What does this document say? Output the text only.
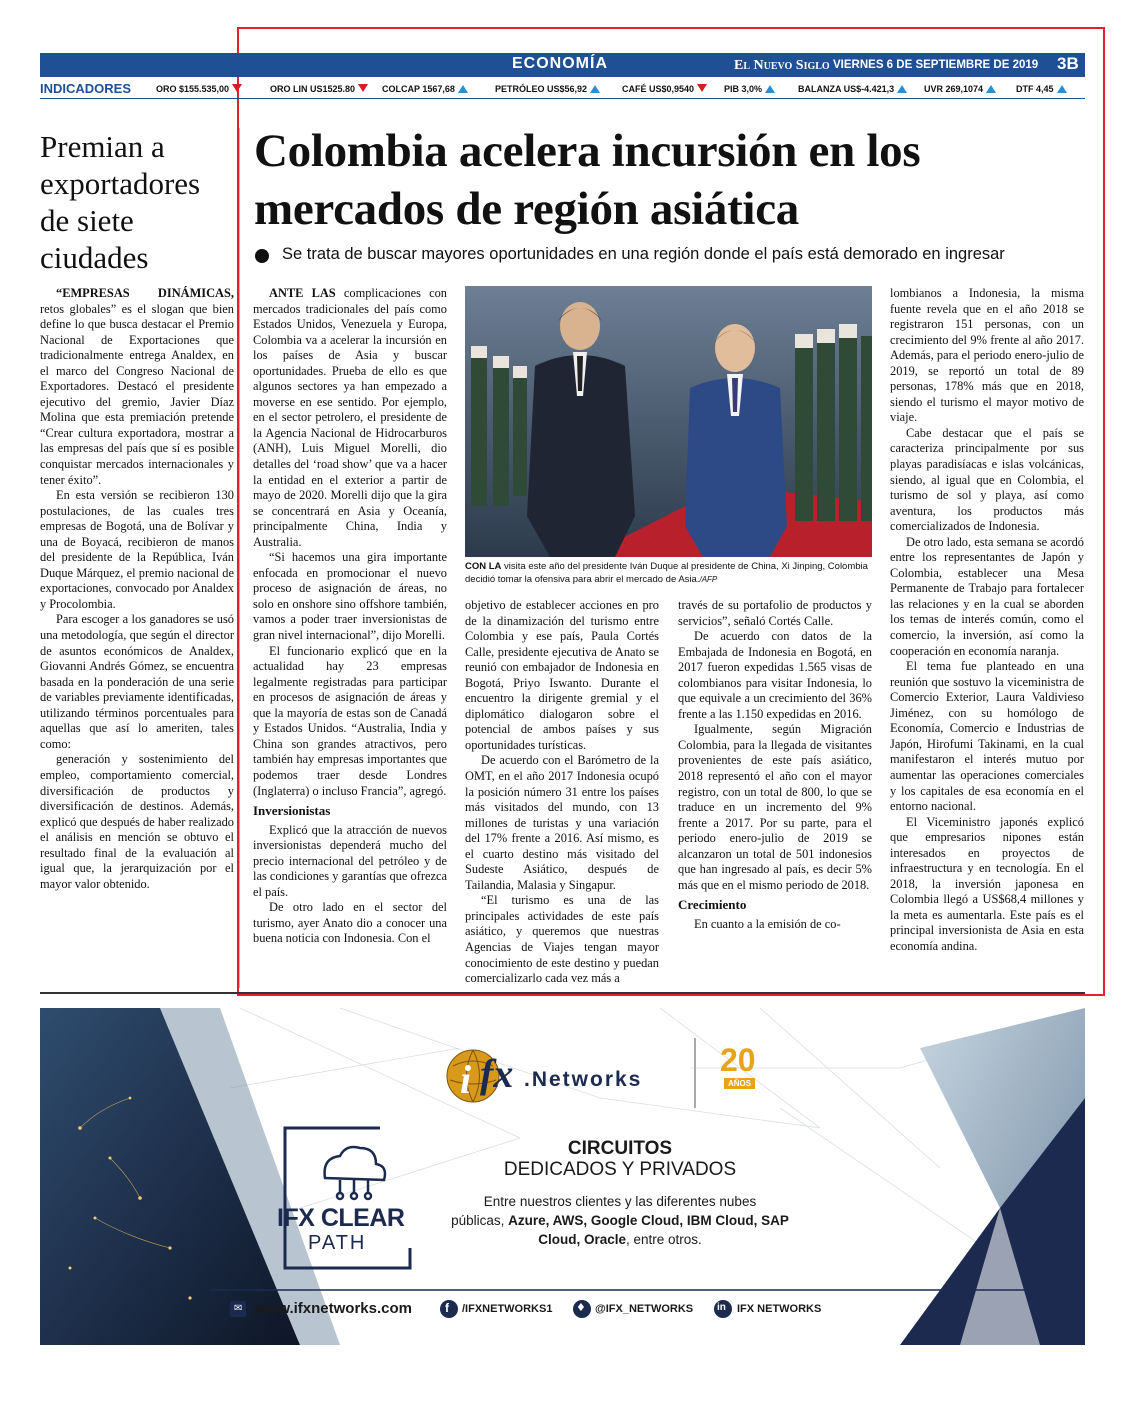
ECONOMÍA	El Nuevo Siglo VIERNES 6 DE SEPTIEMBRE DE 2019 3B
INDICADORES	ORO $155.535,00	ORO LIN US1525.80	COLCAP 1567,68	PETRÓLEO US$56,92	CAFÉ US$0,9540	PIB 3,0%	BALANZA US$-4.421,3	UVR 269,1074	DTF 4,45
Premian a exportadores de siete ciudades

“EMPRESAS DINÁMICAS, retos globales” es el slogan que bien define lo que busca destacar el Premio Nacional de Exportaciones que tradicionalmente entrega Analdex, en el marco del Congreso Nacional de Exportadores. Destacó el presidente ejecutivo del gremio, Javier Díaz Molina que esta premiación pretende “Crear cultura exportadora, mostrar a las empresas del país que sí es posible conquistar mercados internacionales y tener éxito”.

En esta versión se recibieron 130 postulaciones, de las cuales tres empresas de Bogotá, una de Bolívar y una de Boyacá, recibieron de manos del presidente de la República, Iván Duque Márquez, el premio nacional de exportaciones, convocado por Analdex y Procolombia.

Para escoger a los ganadores se usó una metodología, que según el director de asuntos económicos de Analdex, Giovanni Andrés Gómez, se encuentra basada en la ponderación de una serie de variables previamente identificadas, utilizando términos porcentuales para aquellas que así lo ameriten, tales como:

generación y sostenimiento del empleo, comportamiento comercial, diversificación de productos y diversificación de destinos. Además, explicó que después de haber realizado el análisis en mención se obtuvo el resultado final de la evaluación al igual que, la jerarquización por el mayor valor obtenido.

Colombia acelera incursión en los mercados de región asiática
Se trata de buscar mayores oportunidades en una región donde el país está demorado en ingresar

ANTE LAS complicaciones con mercados tradicionales del país como Estados Unidos, Venezuela y Europa, Colombia va a acelerar la incursión en los países de Asia y buscar oportunidades. Prueba de ello es que algunos sectores ya han empezado a moverse en ese sentido. Por ejemplo, en el sector petrolero, el presidente de la Agencia Nacional de Hidrocarburos (ANH), Luis Miguel Morelli, dio detalles del ‘road show’ que va a hacer la entidad en el exterior a partir de mayo de 2020. Morelli dijo que la gira se concentrará en Asia y Oceanía, principalmente China, India y Australia.

“Si hacemos una gira importante enfocada en promocionar el nuevo proceso de asignación de áreas, no solo en onshore sino offshore también, vamos a poder traer inversionistas de gran nivel internacional”, dijo Morelli.

El funcionario explicó que en la actualidad hay 23 empresas legalmente registradas para participar en procesos de asignación de áreas y que la mayoría de estas son de Canadá y Estados Unidos. “Australia, India y China son grandes atractivos, pero también hay empresas importantes que podemos traer desde Londres (Inglaterra) o incluso Francia”, agregó.

Inversionistas

Explicó que la atracción de nuevos inversionistas dependerá mucho del precio internacional del petróleo y de las condiciones y garantías que ofrezca el país.

De otro lado en el sector del turismo, ayer Anato dio a conocer una buena noticia con Indonesia. Con el

CON LA visita este año del presidente Iván Duque al presidente de China, Xi Jinping, Colombia decidió tomar la ofensiva para abrir el mercado de Asia./AFP

objetivo de establecer acciones en pro de la dinamización del turismo entre Colombia y ese país, Paula Cortés Calle, presidente ejecutiva de Anato se reunió con embajador de Indonesia en Bogotá, Priyo Iswanto. Durante el encuentro la dirigente gremial y el diplomático dialogaron sobre el potencial de ambos países y sus oportunidades turísticas.

De acuerdo con el Barómetro de la OMT, en el año 2017 Indonesia ocupó la posición número 31 entre los países más visitados del mundo, con 13 millones de turistas y una variación del 17% frente a 2016. Así mismo, es el cuarto destino más visitado del Sudeste Asiático, después de Tailandia, Malasia y Singapur.

“El turismo es una de las principales actividades de este país asiático, y queremos que nuestras Agencias de Viajes tengan mayor conocimiento de este destino y puedan comercializarlo cada vez más a

través de su portafolio de productos y servicios”, señaló Cortés Calle.

De acuerdo con datos de la Embajada de Indonesia en Bogotá, en 2017 fueron expedidas 1.565 visas de colombianos para visitar Indonesia, lo que equivale a un crecimiento del 36% frente a las 1.150 expedidas en 2016.

Igualmente, según Migración Colombia, para la llegada de visitantes provenientes de este país asiático, 2018 representó el año con el mayor registro, con un total de 800, lo que se traduce en un incremento del 9% frente a 2017. Por su parte, para el periodo enero-julio de 2019 se alcanzaron un total de 501 indonesios que han ingresado al país, es decir 5% más que en el mismo periodo de 2018.

Crecimiento

En cuanto a la emisión de co-

lombianos a Indonesia, la misma fuente revela que en el año 2018 se registraron 151 personas, con un crecimiento del 9% frente al año 2017. Además, para el periodo enero-julio de 2019, se reportó un total de 89 personas, 178% más que en 2018, siendo el turismo el mayor motivo de viaje.

Cabe destacar que el país se caracteriza principalmente por sus playas paradisíacas e islas volcánicas, siendo, al igual que en Colombia, el turismo de sol y playa, así como aventura, los productos más comercializados de Indonesia.

De otro lado, esta semana se acordó entre los representantes de Japón y Colombia, establecer una Mesa Permanente de Trabajo para fortalecer las relaciones y en la cual se aborden los temas de interés común, como el comercio, la inversión, así como la cooperación en economía naranja.

El tema fue planteado en una reunión que sostuvo la viceministra de Comercio Exterior, Laura Valdivieso Jiménez, con su homólogo de Economía, Comercio e Industrias de Japón, Hirofumi Takinami, en la cual manifestaron el interés mutuo por aumentar las operaciones comerciales y los capitales de esa economía en el entorno nacional.

El Viceministro japonés explicó que empresarios nipones están interesados en proyectos de infraestructura y en tecnología. En el 2018, la inversión japonesa en Colombia llegó a US$68,4 millones y la meta es aumentarla. Este país es el principal inversionista de Asia en esta economía andina.

i fx .Networks
20
AÑOS
IFX CLEAR
PATH
CIRCUITOS
DEDICADOS Y PRIVADOS
Entre nuestros clientes y las diferentes nubes
públicas, Azure, AWS, Google Cloud, IBM Cloud, SAP
Cloud, Oracle, entre otros.
www.ifxnetworks.com	/IFXNETWORKS1	@IFX_NETWORKS	IFX NETWORKS
✉	f	♦	in
